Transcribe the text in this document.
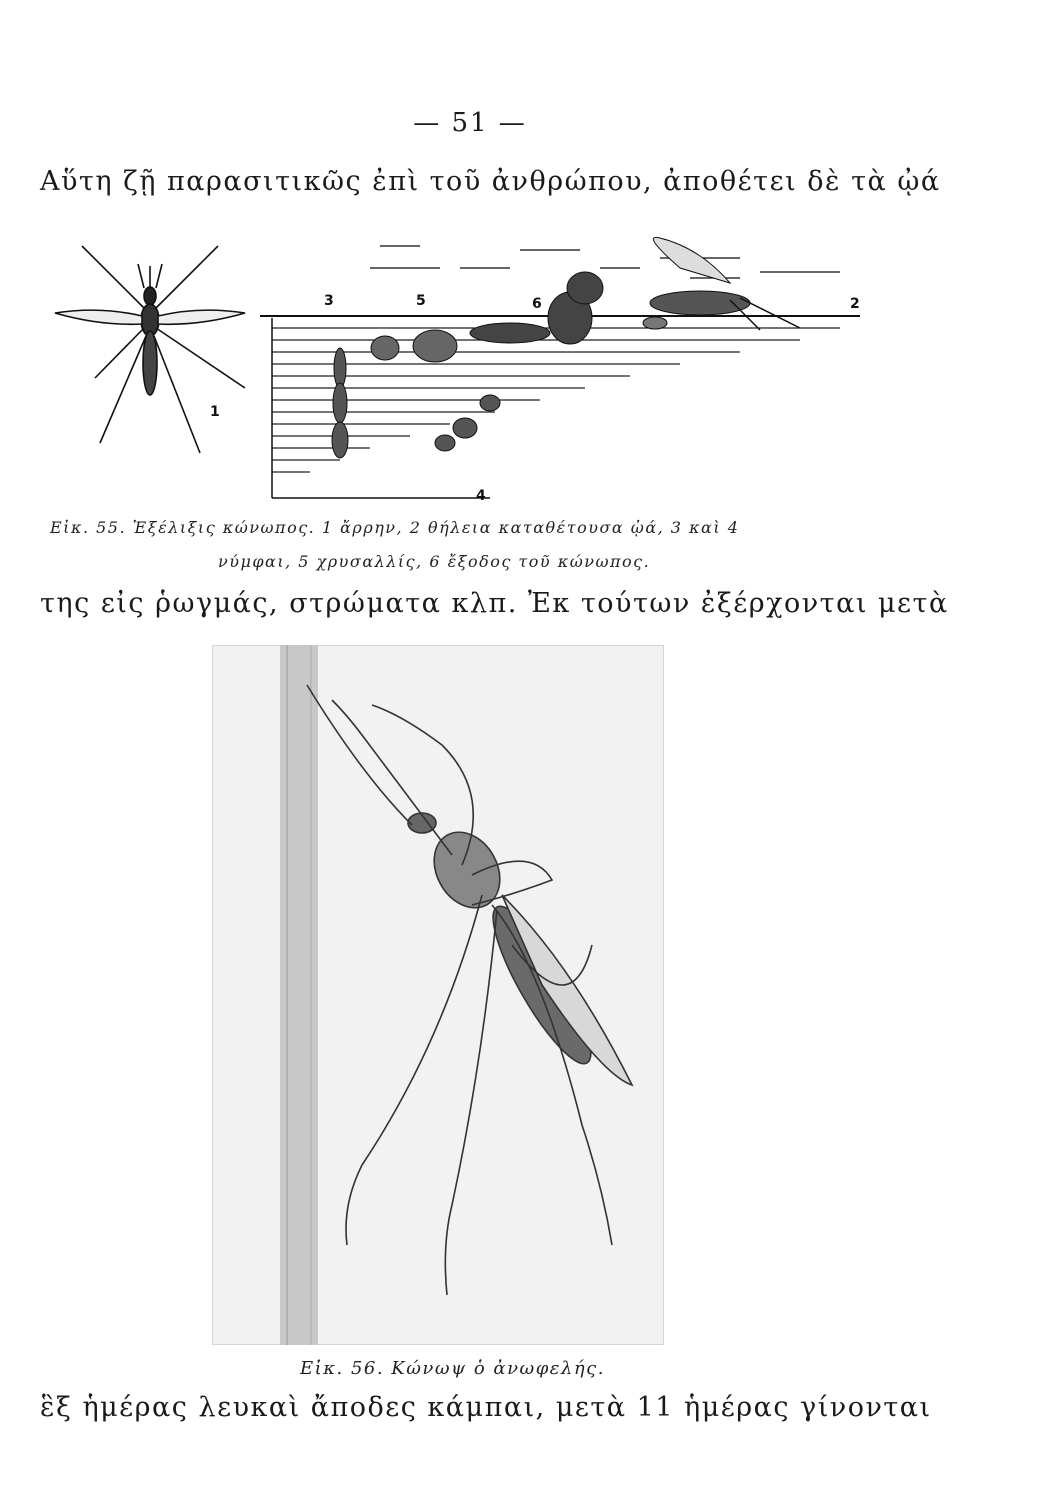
— 51 —
Αὕτη ζῇ παρασιτικῶς ἐπὶ τοῦ ἀνθρώπου, ἀποθέτει δὲ τὰ ᾠά
1
3	5	6	2
4
Εἰκ. 55. Ἐξέλιξις κώνωπος. 1 ἄρρην, 2 θήλεια καταθέτουσα ᾠά, 3 καὶ 4
νύμφαι, 5 χρυσαλλίς, 6 ἔξοδος τοῦ κώνωπος.
της εἰς ῥωγμάς, στρώματα κλπ. Ἐκ τούτων ἐξέρχονται μετὰ
Εἰκ. 56. Κώνωψ ὁ ἀνωφελής.
ἓξ ἡμέρας λευκαὶ ἄποδες κάμπαι, μετὰ 11 ἡμέρας γίνονται
